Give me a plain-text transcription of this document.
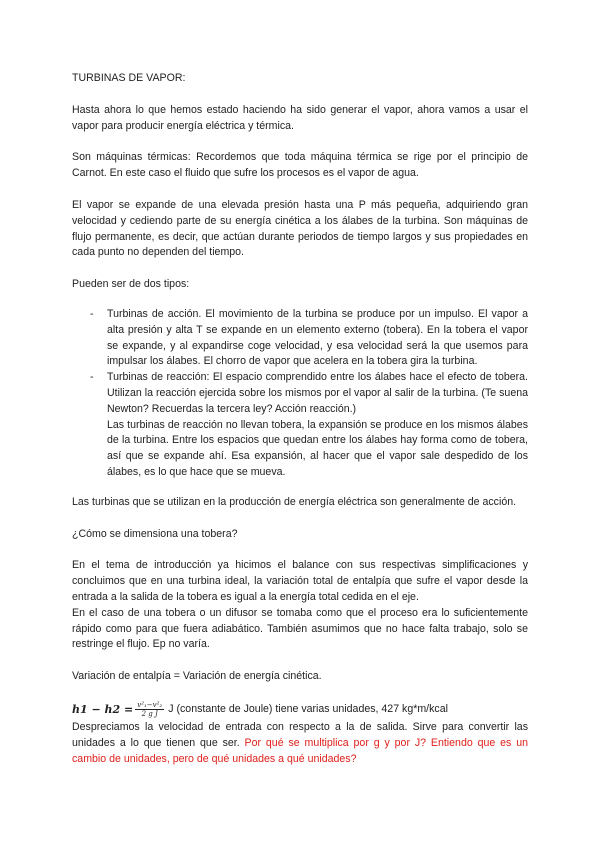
TURBINAS DE VAPOR:

Hasta ahora lo que hemos estado haciendo ha sido generar el vapor, ahora vamos a usar el vapor para producir energía eléctrica y térmica.

Son máquinas térmicas: Recordemos que toda máquina térmica se rige por el principio de Carnot. En este caso el fluido que sufre los procesos es el vapor de agua.

El vapor se expande de una elevada presión hasta una P más pequeña, adquiriendo gran velocidad y cediendo parte de su energía cinética a los álabes de la turbina. Son máquinas de flujo permanente, es decir, que actúan durante periodos de tiempo largos y sus propiedades en cada punto no dependen del tiempo.

Pueden ser de dos tipos:

- Turbinas de acción. El movimiento de la turbina se produce por un impulso. El vapor a alta presión y alta T se expande en un elemento externo (tobera). En la tobera el vapor se expande, y al expandirse coge velocidad, y esa velocidad será la que usemos para impulsar los álabes. El chorro de vapor que acelera en la tobera gira la turbina.
- Turbinas de reacción: El espacio comprendido entre los álabes hace el efecto de tobera. Utilizan la reacción ejercida sobre los mismos por el vapor al salir de la turbina. (Te suena Newton? Recuerdas la tercera ley? Acción reacción.)
Las turbinas de reacción no llevan tobera, la expansión se produce en los mismos álabes de la turbina. Entre los espacios que quedan entre los álabes hay forma como de tobera, así que se expande ahí. Esa expansión, al hacer que el vapor sale despedido de los álabes, es lo que hace que se mueva.

Las turbinas que se utilizan en la producción de energía eléctrica son generalmente de acción.

¿Cómo se dimensiona una tobera?

En el tema de introducción ya hicimos el balance con sus respectivas simplificaciones y concluimos que en una turbina ideal, la variación total de entalpía que sufre el vapor desde la entrada a la salida de la tobera es igual a la energía total cedida en el eje.

En el caso de una tobera o un difusor se tomaba como que el proceso era lo suficientemente rápido como para que fuera adiabático. También asumimos que no hace falta trabajo, solo se restringe el flujo. Ep no varía.

Variación de entalpía = Variación de energía cinética.

$h1 - h2 = \frac{\text{v²₁−v²₂}}{\text{2 g J}}$ J (constante de Joule) tiene varias unidades, 427 kg*m/kcal

Despreciamos la velocidad de entrada con respecto a la de salida. Sirve para convertir las unidades a lo que tienen que ser. Por qué se multiplica por g y por J? Entiendo que es un cambio de unidades, pero de qué unidades a qué unidades?
